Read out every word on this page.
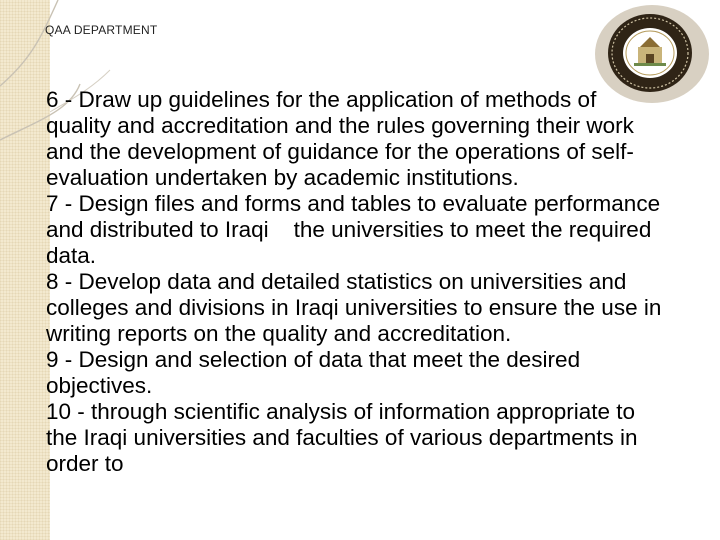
QAA DEPARTMENT

6 - Draw up guidelines for the application of methods of quality and accreditation and the rules governing their work and the development of guidance for the operations of self-evaluation undertaken by academic institutions.

7 - Design files and forms and tables to evaluate performance and distributed to Iraqi    the universities to meet the required data.

8 - Develop data and detailed statistics on universities and colleges and divisions in Iraqi universities to ensure the use in writing reports on the quality and accreditation.

9 - Design and selection of data that meet the desired objectives.

10 - through scientific analysis of information appropriate to the Iraqi universities and faculties of various departments in order to
